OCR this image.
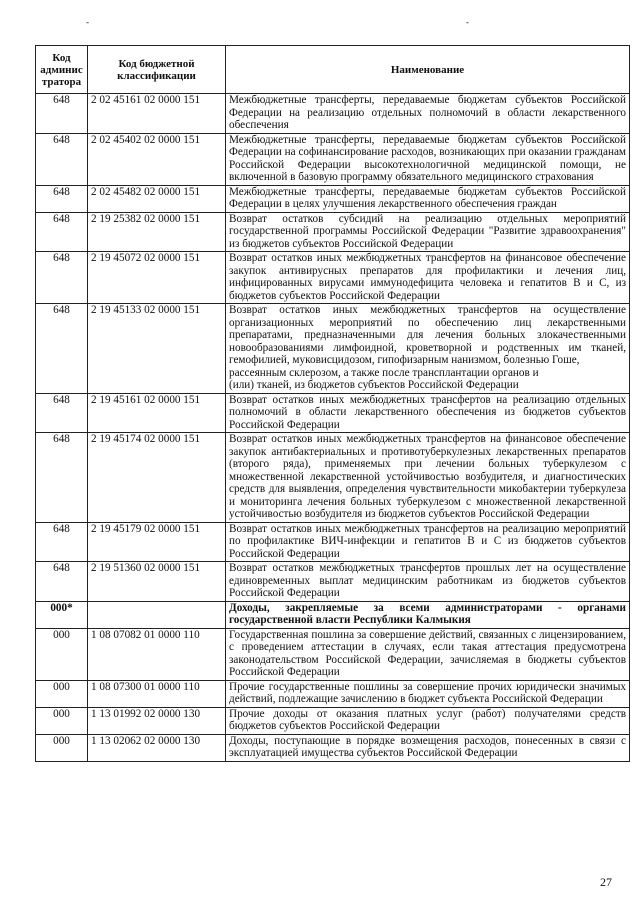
-	-
Код админис тратора	Код бюджетной классификации	Наименование
648	2 02 45161 02 0000 151	Межбюджетные трансферты, передаваемые бюджетам субъектов Российской Федерации на реализацию отдельных полномочий в области лекарственного обеспечения
648	2 02 45402 02 0000 151	Межбюджетные трансферты, передаваемые бюджетам субъектов Российской Федерации на софинансирование расходов, возникающих при оказании гражданам Российской Федерации высокотехнологичной медицинской помощи, не включенной в базовую программу обязательного медицинского страхования
648	2 02 45482 02 0000 151	Межбюджетные трансферты, передаваемые бюджетам субъектов Российской Федерации в целях улучшения лекарственного обеспечения граждан
648	2 19 25382 02 0000 151	Возврат остатков субсидий на реализацию отдельных мероприятий государственной программы Российской Федерации "Развитие здравоохранения" из бюджетов субъектов Российской Федерации
648	2 19 45072 02 0000 151	Возврат остатков иных межбюджетных трансфертов на финансовое обеспечение закупок антивирусных препаратов для профилактики и лечения лиц, инфицированных вирусами иммунодефицита человека и гепатитов В и С, из бюджетов субъектов Российской Федерации
648	2 19 45133 02 0000 151	Возврат остатков иных межбюджетных трансфертов на осуществление организационных мероприятий по обеспечению лиц лекарственными препаратами, предназначенными для лечения больных злокачественными новообразованиями лимфоидной, кроветворной и родственных им тканей, гемофилией, муковисцидозом, гипофизарным нанизмом, болезнью Гоше,
рассеянным склерозом, а также после трансплантации органов и
(или) тканей, из бюджетов субъектов Российской Федерации
648	2 19 45161 02 0000 151	Возврат остатков иных межбюджетных трансфертов на реализацию отдельных полномочий в области лекарственного обеспечения из бюджетов субъектов Российской Федерации
648	2 19 45174 02 0000 151	Возврат остатков иных межбюджетных трансфертов на финансовое обеспечение закупок антибактериальных и противотуберкулезных лекарственных препаратов (второго ряда), применяемых при лечении больных туберкулезом с множественной лекарственной устойчивостью возбудителя, и диагностических средств для выявления, определения чувствительности микобактерии туберкулеза и мониторинга лечения больных туберкулезом с множественной лекарственной устойчивостью возбудителя из бюджетов субъектов Российской Федерации
648	2 19 45179 02 0000 151	Возврат остатков иных межбюджетных трансфертов на реализацию мероприятий по профилактике ВИЧ-инфекции и гепатитов В и С из бюджетов субъектов Российской Федерации
648	2 19 51360 02 0000 151	Возврат остатков межбюджетных трансфертов прошлых лет на осуществление единовременных выплат медицинским работникам из бюджетов субъектов Российской Федерации
000*		Доходы, закрепляемые за всеми администраторами - органами государственной власти Республики Калмыкия
000	1 08 07082 01 0000 110	Государственная пошлина за совершение действий, связанных с лицензированием, с проведением аттестации в случаях, если такая аттестация предусмотрена законодательством Российской Федерации, зачисляемая в бюджеты субъектов Российской Федерации
000	1 08 07300 01 0000 110	Прочие государственные пошлины за совершение прочих юридически значимых действий, подлежащие зачислению в бюджет субъекта Российской Федерации
000	1 13 01992 02 0000 130	Прочие доходы от оказания платных услуг (работ) получателями средств бюджетов субъектов Российской Федерации
000	1 13 02062 02 0000 130	Доходы, поступающие в порядке возмещения расходов, понесенных в связи с эксплуатацией имущества субъектов Российской Федерации
27
